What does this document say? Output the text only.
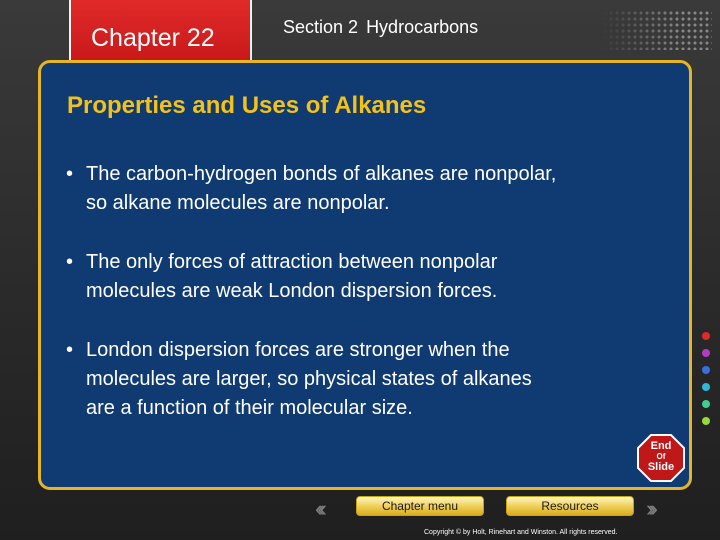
Chapter 22	Section 2 Hydrocarbons
Properties and Uses of Alkanes
• The carbon-hydrogen bonds of alkanes are nonpolar,
so alkane molecules are nonpolar.
• The only forces of attraction between nonpolar
molecules are weak London dispersion forces.
• London dispersion forces are stronger when the
molecules are larger, so physical states of alkanes
are a function of their molecular size.
End
Of
Slide
‹‹‹	Chapter menu	Resources	›››
Copyright © by Holt, Rinehart and Winston. All rights reserved.
